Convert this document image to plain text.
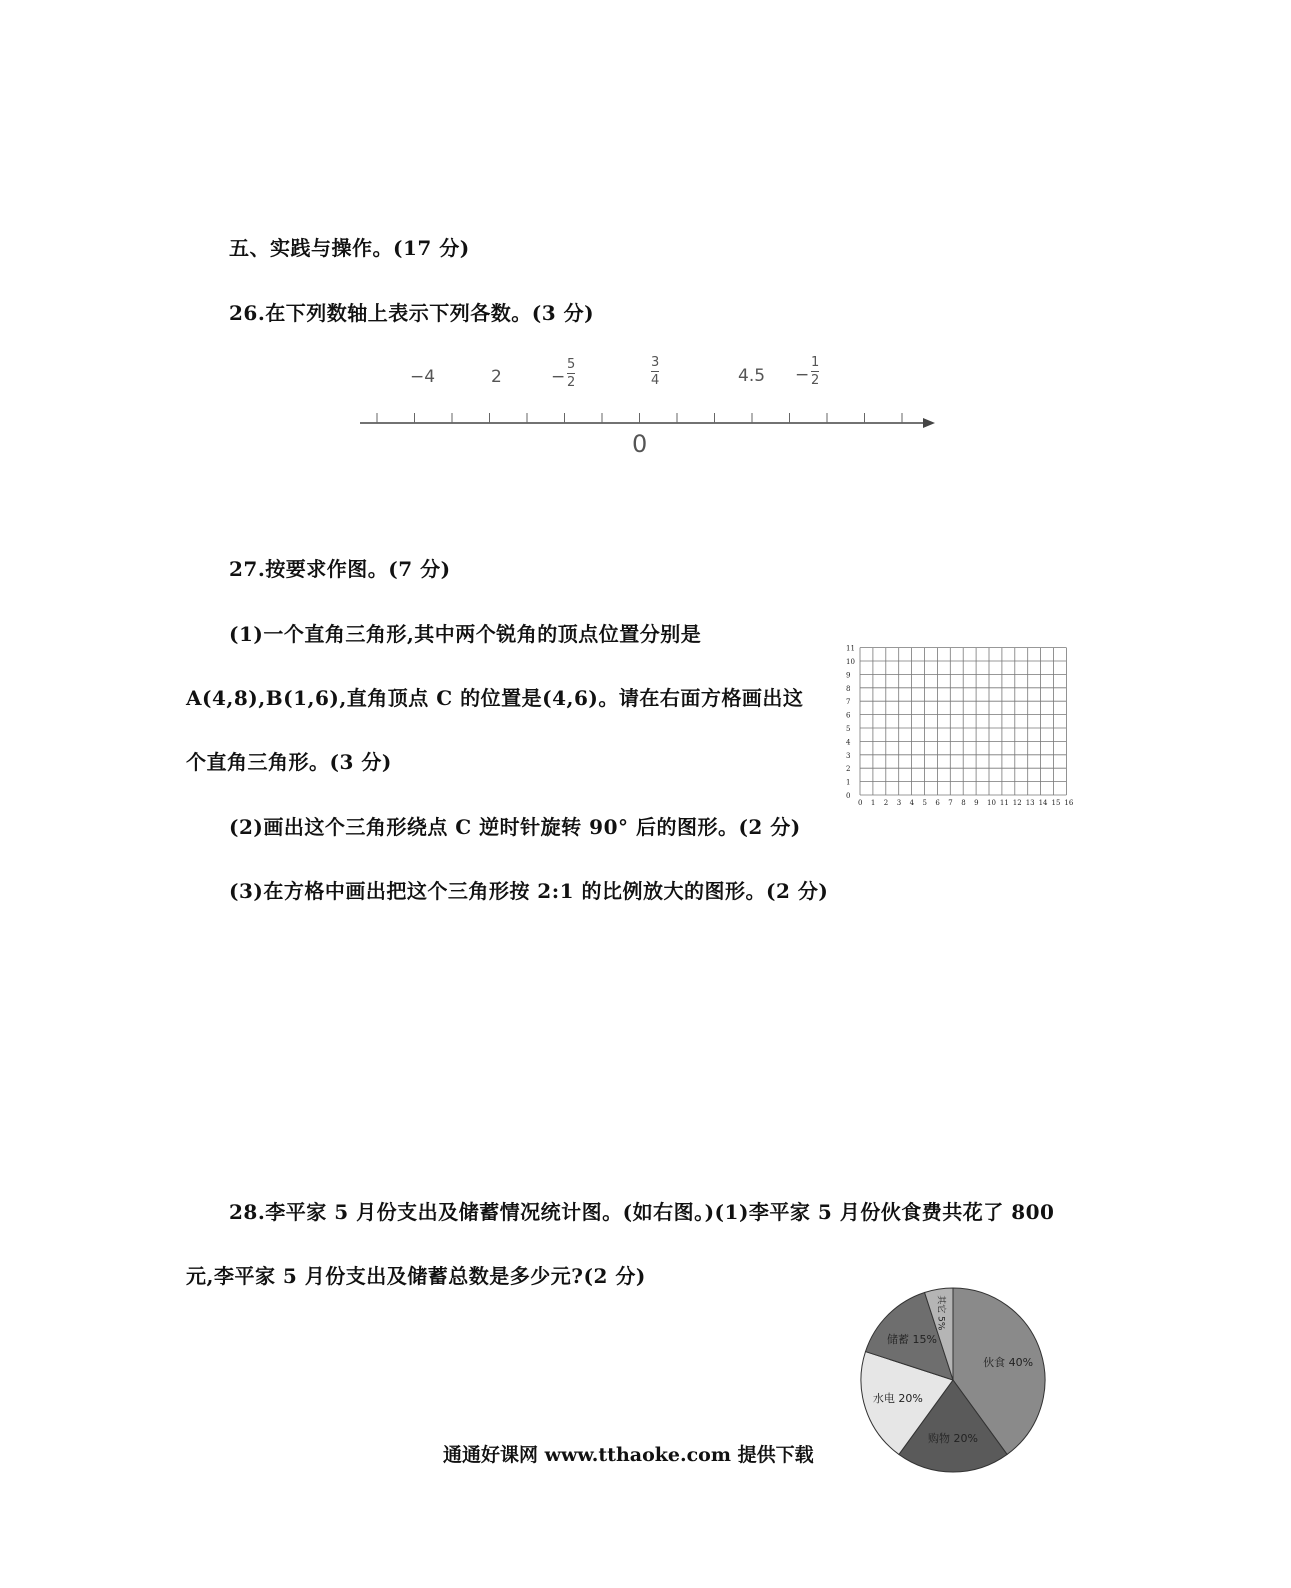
五、实践与操作。(17 分)
26.在下列数轴上表示下列各数。(3 分)
−4	2	−
5
2
3
4	4.5 −
1
2
0
27.按要求作图。(7 分)
(1)一个直角三角形,其中两个锐角的顶点位置分别是
A(4,8),B(1,6),直角顶点 C 的位置是(4,6)。请在右面方格画出这
个直角三角形。(3 分)
(2)画出这个三角形绕点 C 逆时针旋转 90° 后的图形。(2 分)
(3)在方格中画出把这个三角形按 2:1 的比例放大的图形。(2 分)
0 1 2 3 4 5 6 7 8 9 10 11 12 13 14 15 16
0
1
2
3
4
5
6
7
8
9
10
11
28.李平家 5 月份支出及储蓄情况统计图。(如右图。)(1)李平家 5 月份伙食费共花了 800
元,李平家 5 月份支出及储蓄总数是多少元?(2 分)
伙食 40%
购物 20%
水电 20%
储蓄 15%
其它 5%
通通好课网 www.tthaoke.com 提供下载
